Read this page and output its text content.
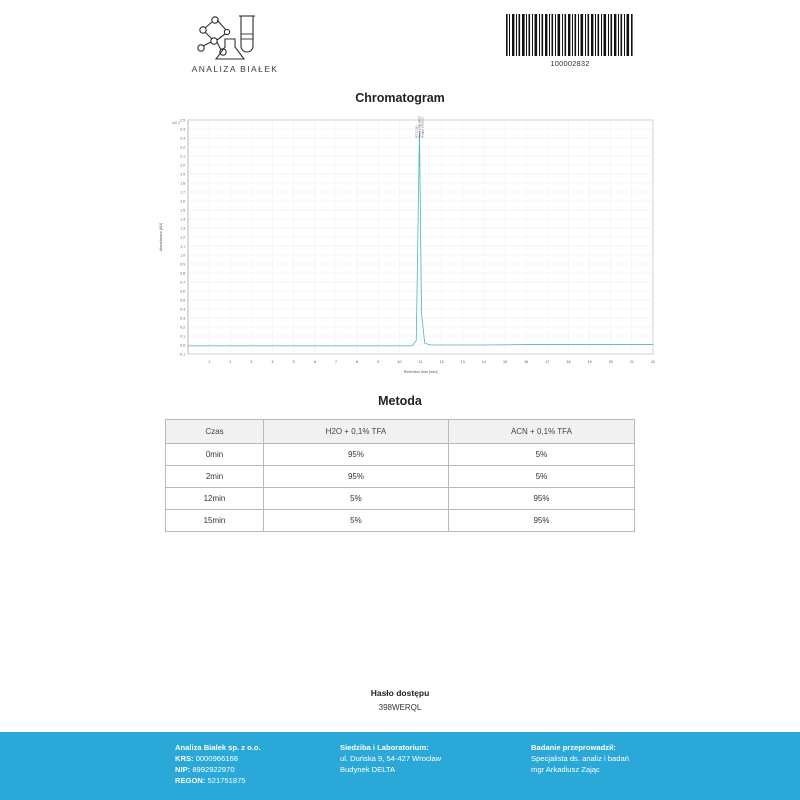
ANALIZA BIAŁEK
100002832
Chromatogram
1	2	3	4	5	6	7	8	9	10	11	12	13	14	15	16	17	18	19	20	21	22
-0.1
0.0
0.1
0.2
0.3
0.4
0.5
0.6
0.7
0.8
0.9
1.0
1.1
1.2
1.3
1.4
1.5
1.6
1.7
1.8
1.9
2.0
2.1
2.2
2.3
2.4
2.5
Retention time [min]
Absorbance [AU]
x10 3
RT 11.00 Area 1786.8872 Height 2403.01
Metoda
Czas	H2O + 0,1% TFA	ACN + 0,1% TFA
0min	95%	5%
2min	95%	5%
12min	5%	95%
15min	5%	95%
Hasło dostępu
398WERQL
Analiza Białek sp. z o.o.
KRS: 0000966168
NIP: 8992922970
REGON: 521751875
Siedziba i Laboratorium:
ul. Duńska 9, 54-427 Wrocław
Budynek DELTA
Badanie przeprowadził:
Specjalista ds. analiz i badań
mgr Arkadiusz Zając
